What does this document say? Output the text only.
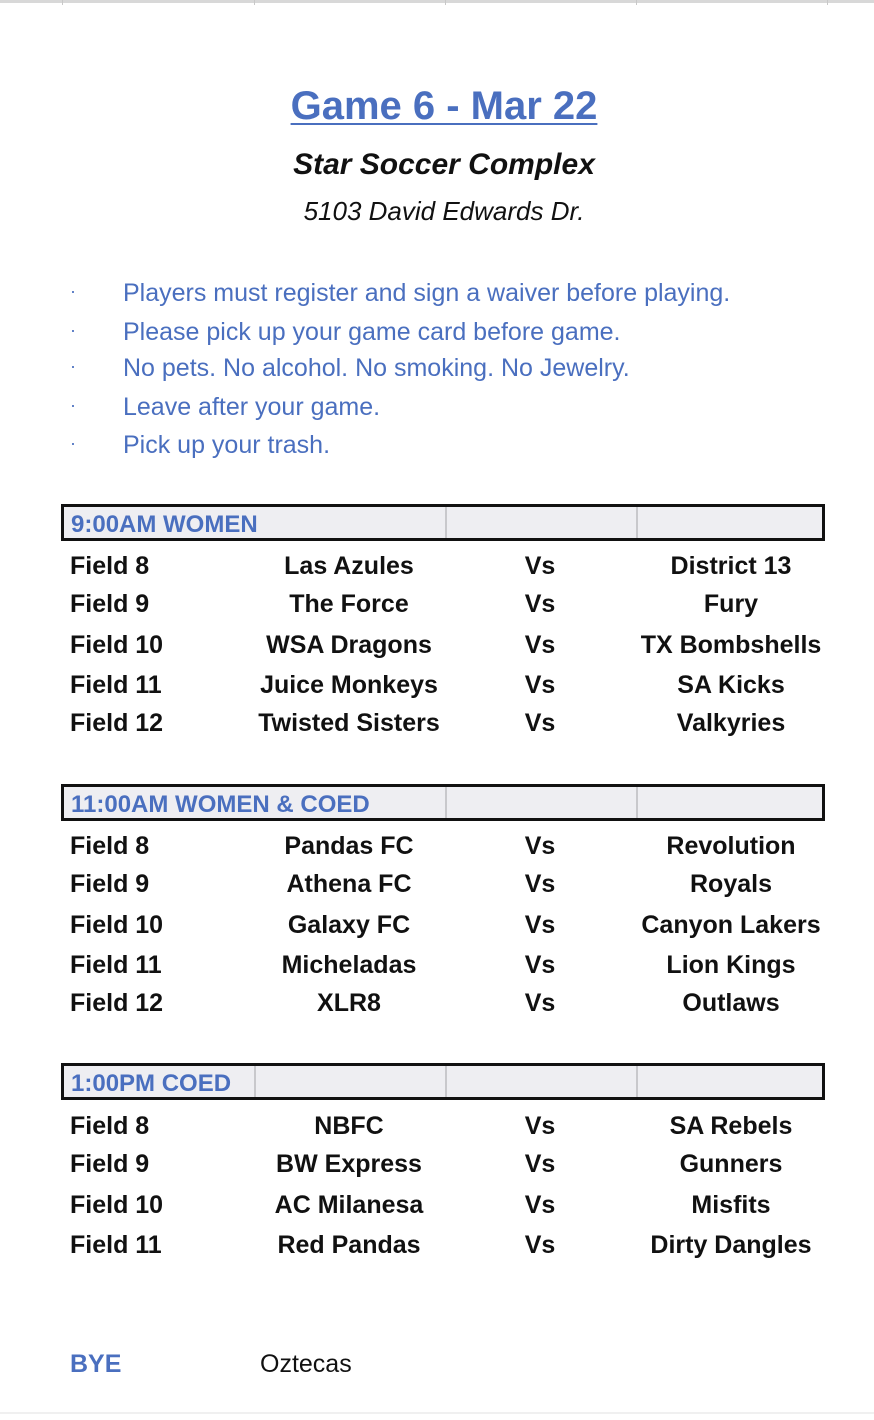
Game 6 - Mar 22
Star Soccer Complex
5103 David Edwards Dr.
· Players must register and sign a waiver before playing.
· Please pick up your game card before game.
· No pets. No alcohol. No smoking. No Jewelry.
· Leave after your game.
· Pick up your trash.
9:00AM WOMEN
Field 8	Las Azules	Vs	District 13
Field 9	The Force	Vs	Fury
Field 10	WSA Dragons	Vs	TX Bombshells
Field 11	Juice Monkeys	Vs	SA Kicks
Field 12	Twisted Sisters	Vs	Valkyries
11:00AM WOMEN & COED
Field 8	Pandas FC	Vs	Revolution
Field 9	Athena FC	Vs	Royals
Field 10	Galaxy FC	Vs	Canyon Lakers
Field 11	Micheladas	Vs	Lion Kings
Field 12	XLR8	Vs	Outlaws
1:00PM COED
Field 8	NBFC	Vs	SA Rebels
Field 9	BW Express	Vs	Gunners
Field 10	AC Milanesa	Vs	Misfits
Field 11	Red Pandas	Vs	Dirty Dangles
BYE	Oztecas
